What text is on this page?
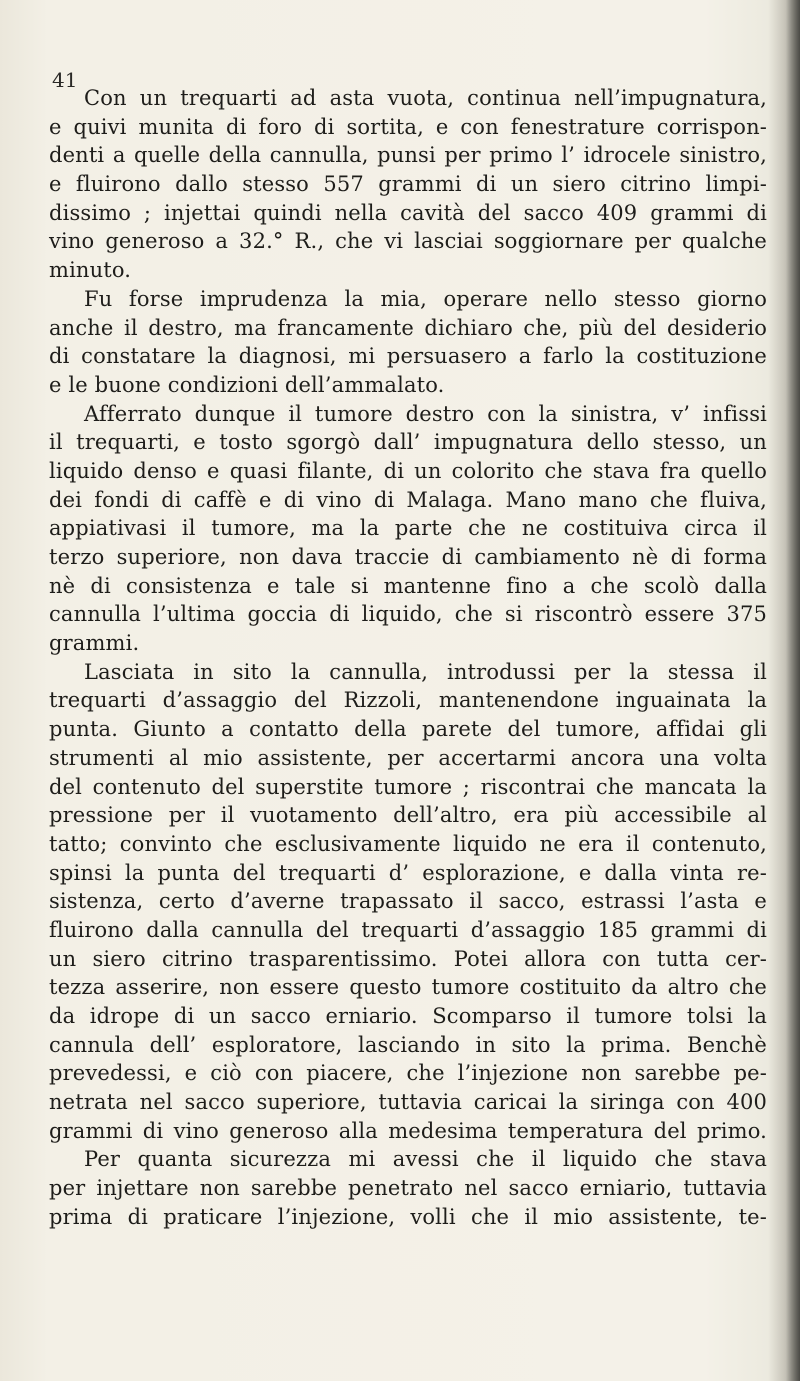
41
Con un trequarti ad asta vuota, continua nell’impugnatura,
e quivi munita di foro di sortita, e con fenestrature corrispon-
denti a quelle della cannulla, punsi per primo l’ idrocele sinistro,
e fluirono dallo stesso 557 grammi di un siero citrino limpi-
dissimo ; injettai quindi nella cavità del sacco 409 grammi di
vino generoso a 32.° R., che vi lasciai soggiornare per qualche
minuto.
Fu forse imprudenza la mia, operare nello stesso giorno
anche il destro, ma francamente dichiaro che, più del desiderio
di constatare la diagnosi, mi persuasero a farlo la costituzione
e le buone condizioni dell’ammalato.
Afferrato dunque il tumore destro con la sinistra, v’ infissi
il trequarti, e tosto sgorgò dall’ impugnatura dello stesso, un
liquido denso e quasi filante, di un colorito che stava fra quello
dei fondi di caffè e di vino di Malaga. Mano mano che fluiva,
appiativasi il tumore, ma la parte che ne costituiva circa il
terzo superiore, non dava traccie di cambiamento nè di forma
nè di consistenza e tale si mantenne fino a che scolò dalla
cannulla l’ultima goccia di liquido, che si riscontrò essere 375
grammi.
Lasciata in sito la cannulla, introdussi per la stessa il
trequarti d’assaggio del Rizzoli, mantenendone inguainata la
punta. Giunto a contatto della parete del tumore, affidai gli
strumenti al mio assistente, per accertarmi ancora una volta
del contenuto del superstite tumore ; riscontrai che mancata la
pressione per il vuotamento dell’altro, era più accessibile al
tatto; convinto che esclusivamente liquido ne era il contenuto,
spinsi la punta del trequarti d’ esplorazione, e dalla vinta re-
sistenza, certo d’averne trapassato il sacco, estrassi l’asta e
fluirono dalla cannulla del trequarti d’assaggio 185 grammi di
un siero citrino trasparentissimo. Potei allora con tutta cer-
tezza asserire, non essere questo tumore costituito da altro che
da idrope di un sacco erniario. Scomparso il tumore tolsi la
cannula dell’ esploratore, lasciando in sito la prima. Benchè
prevedessi, e ciò con piacere, che l’injezione non sarebbe pe-
netrata nel sacco superiore, tuttavia caricai la siringa con 400
grammi di vino generoso alla medesima temperatura del primo.
Per quanta sicurezza mi avessi che il liquido che stava
per injettare non sarebbe penetrato nel sacco erniario, tuttavia
prima di praticare l’injezione, volli che il mio assistente, te-
